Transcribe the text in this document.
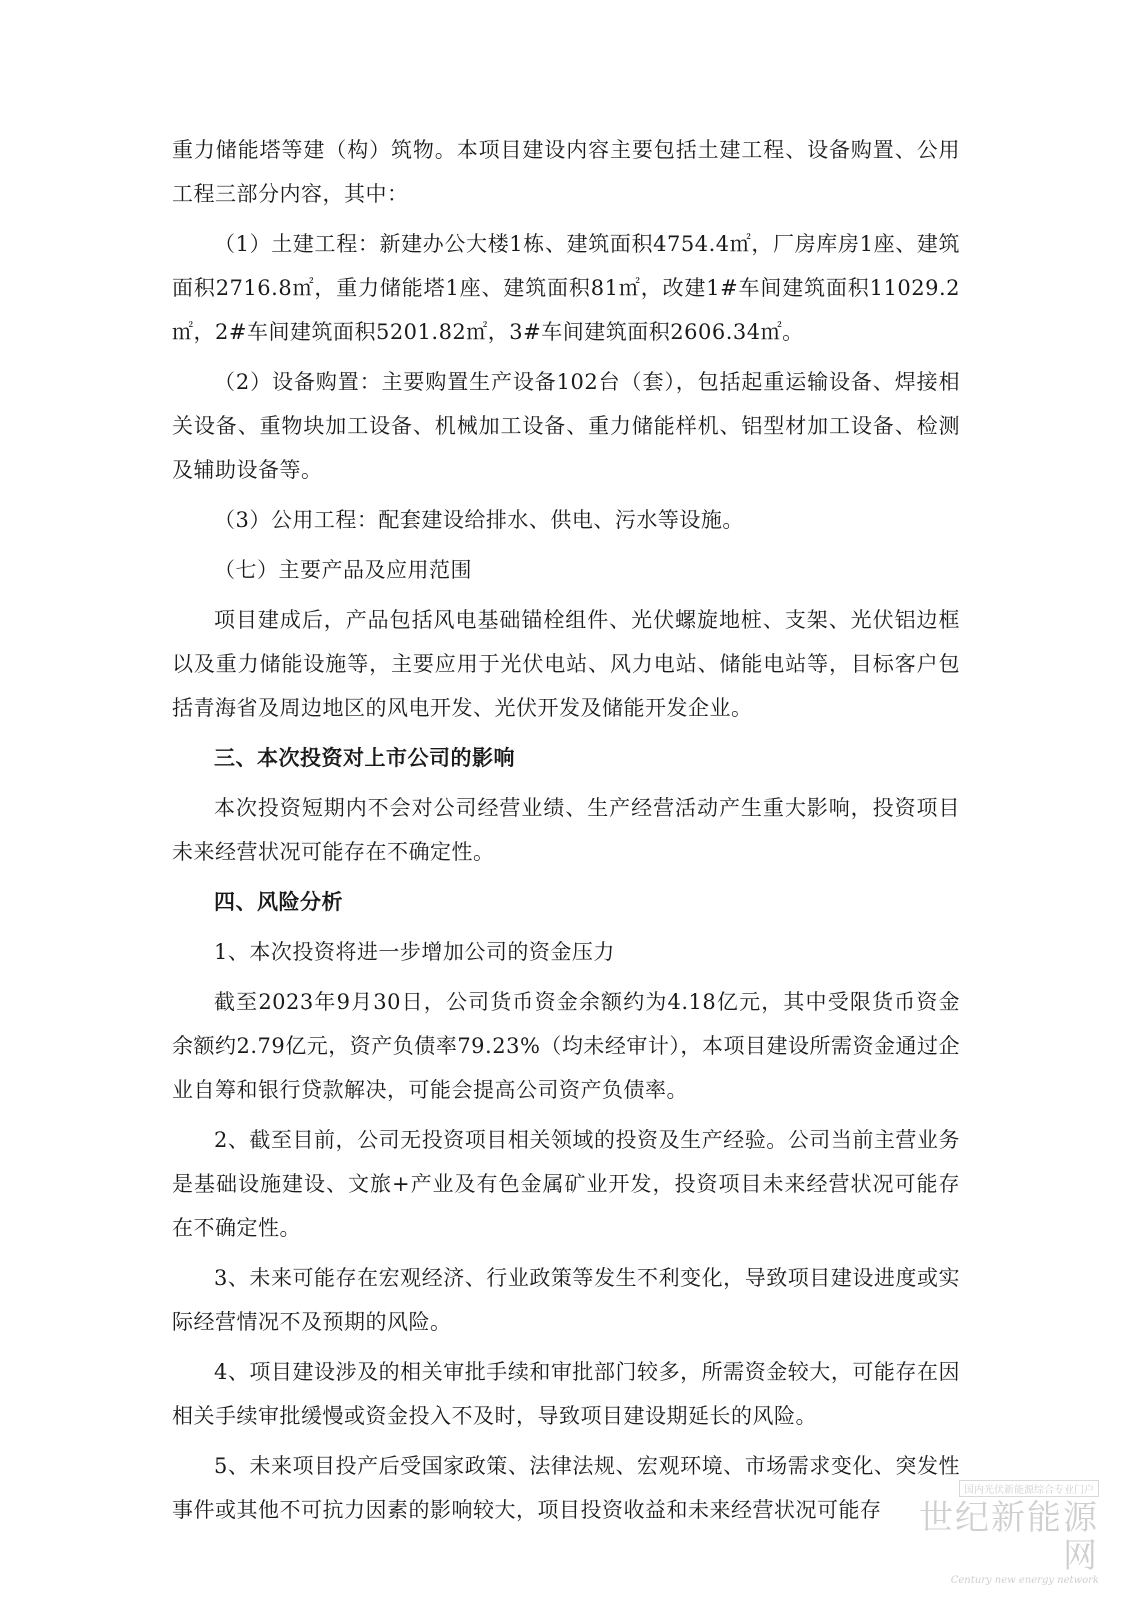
重力储能塔等建（构）筑物。本项目建设内容主要包括土建工程、设备购置、公用工程三部分内容，其中：

（1）土建工程：新建办公大楼1栋、建筑面积4754.4㎡，厂房库房1座、建筑面积2716.8㎡，重力储能塔1座、建筑面积81㎡，改建1#车间建筑面积11029.2㎡，2#车间建筑面积5201.82㎡，3#车间建筑面积2606.34㎡。

（2）设备购置：主要购置生产设备102台（套），包括起重运输设备、焊接相关设备、重物块加工设备、机械加工设备、重力储能样机、铝型材加工设备、检测及辅助设备等。

（3）公用工程：配套建设给排水、供电、污水等设施。

（七）主要产品及应用范围

项目建成后，产品包括风电基础锚栓组件、光伏螺旋地桩、支架、光伏铝边框以及重力储能设施等，主要应用于光伏电站、风力电站、储能电站等，目标客户包括青海省及周边地区的风电开发、光伏开发及储能开发企业。

三、本次投资对上市公司的影响

本次投资短期内不会对公司经营业绩、生产经营活动产生重大影响，投资项目未来经营状况可能存在不确定性。

四、风险分析

1、本次投资将进一步增加公司的资金压力

截至2023年9月30日，公司货币资金余额约为4.18亿元，其中受限货币资金余额约2.79亿元，资产负债率79.23%（均未经审计），本项目建设所需资金通过企业自筹和银行贷款解决，可能会提高公司资产负债率。

2、截至目前，公司无投资项目相关领域的投资及生产经验。公司当前主营业务是基础设施建设、文旅+产业及有色金属矿业开发，投资项目未来经营状况可能存在不确定性。

3、未来可能存在宏观经济、行业政策等发生不利变化，导致项目建设进度或实际经营情况不及预期的风险。

4、项目建设涉及的相关审批手续和审批部门较多，所需资金较大，可能存在因相关手续审批缓慢或资金投入不及时，导致项目建设期延长的风险。

5、未来项目投产后受国家政策、法律法规、宏观环境、市场需求变化、突发性事件或其他不可抗力因素的影响较大，项目投资收益和未来经营状况可能存

国内光伏新能源综合专业门户
世纪新能源网
Century new energy network
